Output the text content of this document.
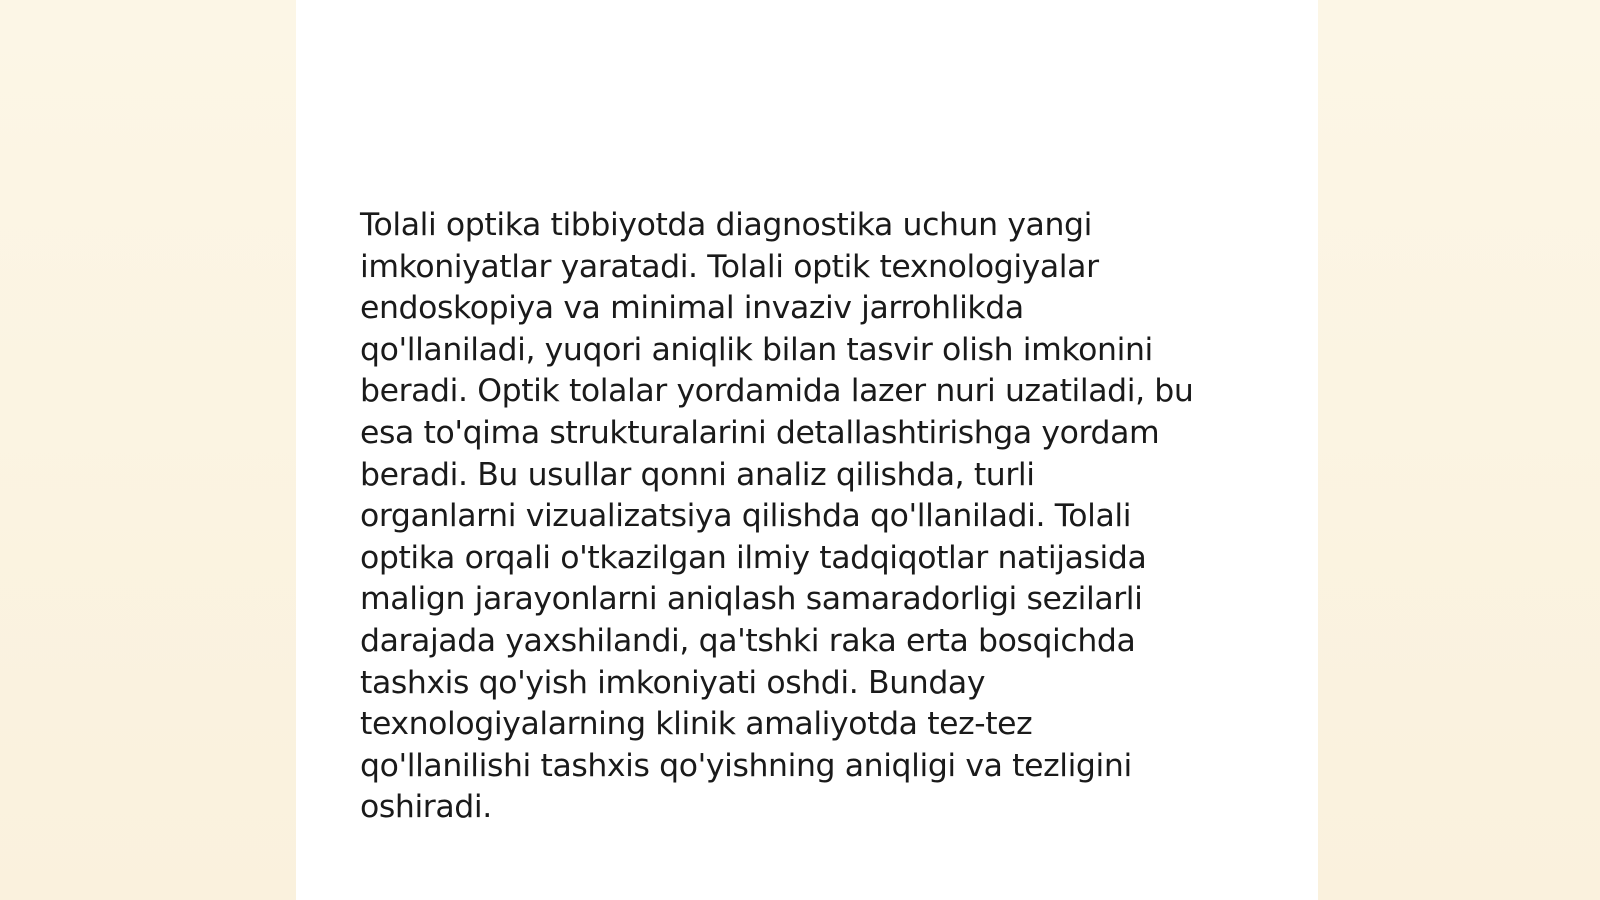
Tolali optika tibbiyotda diagnostika uchun yangi
imkoniyatlar yaratadi. Tolali optik texnologiyalar
endoskopiya va minimal invaziv jarrohlikda
qo'llaniladi, yuqori aniqlik bilan tasvir olish imkonini
beradi. Optik tolalar yordamida lazer nuri uzatiladi, bu
esa to'qima strukturalarini detallashtirishga yordam
beradi. Bu usullar qonni analiz qilishda, turli
organlarni vizualizatsiya qilishda qo'llaniladi. Tolali
optika orqali o'tkazilgan ilmiy tadqiqotlar natijasida
malign jarayonlarni aniqlash samaradorligi sezilarli
darajada yaxshilandi, qa'tshki raka erta bosqichda
tashxis qo'yish imkoniyati oshdi. Bunday
texnologiyalarning klinik amaliyotda tez-tez
qo'llanilishi tashxis qo'yishning aniqligi va tezligini
oshiradi.
